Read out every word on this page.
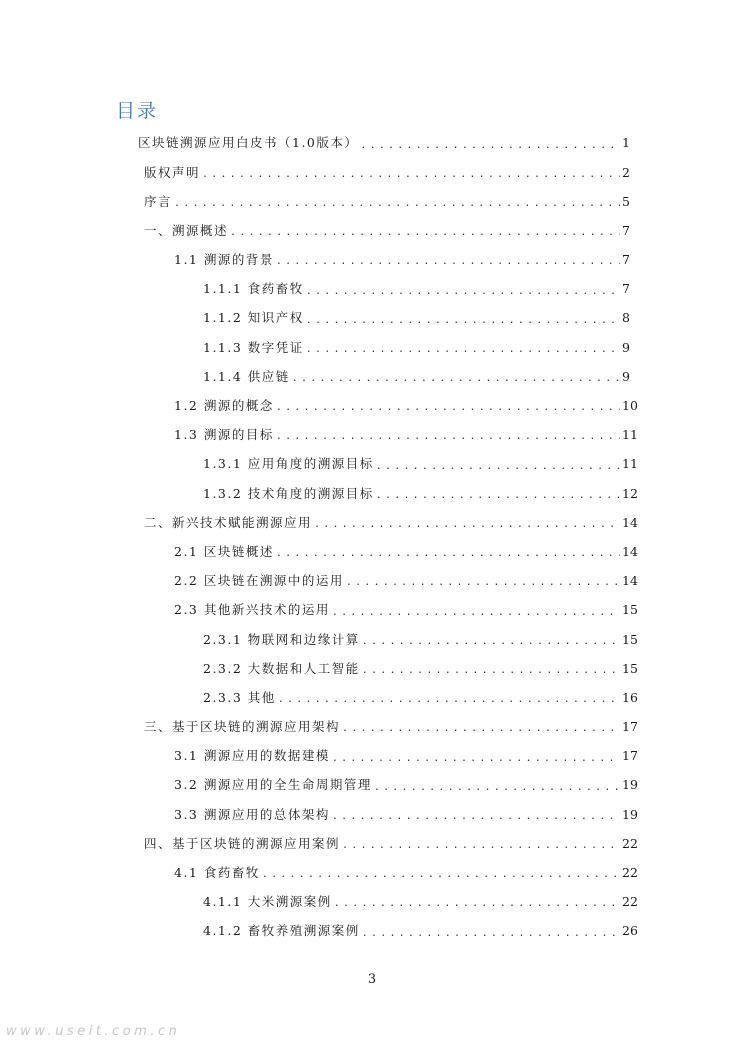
目录
区块链溯源应用白皮书（1.0版本） .....	1
版权声明 .....	2
序言 .....	5
一、溯源概述 .....	7
1.1 溯源的背景 .....	7
1.1.1 食药畜牧 .....	7
1.1.2 知识产权 .....	8
1.1.3 数字凭证 .....	9
1.1.4 供应链 .....	9
1.2 溯源的概念 .....	10
1.3 溯源的目标 .....	11
1.3.1 应用角度的溯源目标 .....	11
1.3.2 技术角度的溯源目标 .....	12
二、新兴技术赋能溯源应用 .....	14
2.1 区块链概述 .....	14
2.2 区块链在溯源中的运用 .....	14
2.3 其他新兴技术的运用 .....	15
2.3.1 物联网和边缘计算 .....	15
2.3.2 大数据和人工智能 .....	15
2.3.3 其他 .....	16
三、基于区块链的溯源应用架构 .....	17
3.1 溯源应用的数据建模 .....	17
3.2 溯源应用的全生命周期管理 .....	19
3.3 溯源应用的总体架构 .....	19
四、基于区块链的溯源应用案例 .....	22
4.1 食药畜牧 .....	22
4.1.1 大米溯源案例 .....	22
4.1.2 畜牧养殖溯源案例 .....	26
3
www.useit.com.cn
